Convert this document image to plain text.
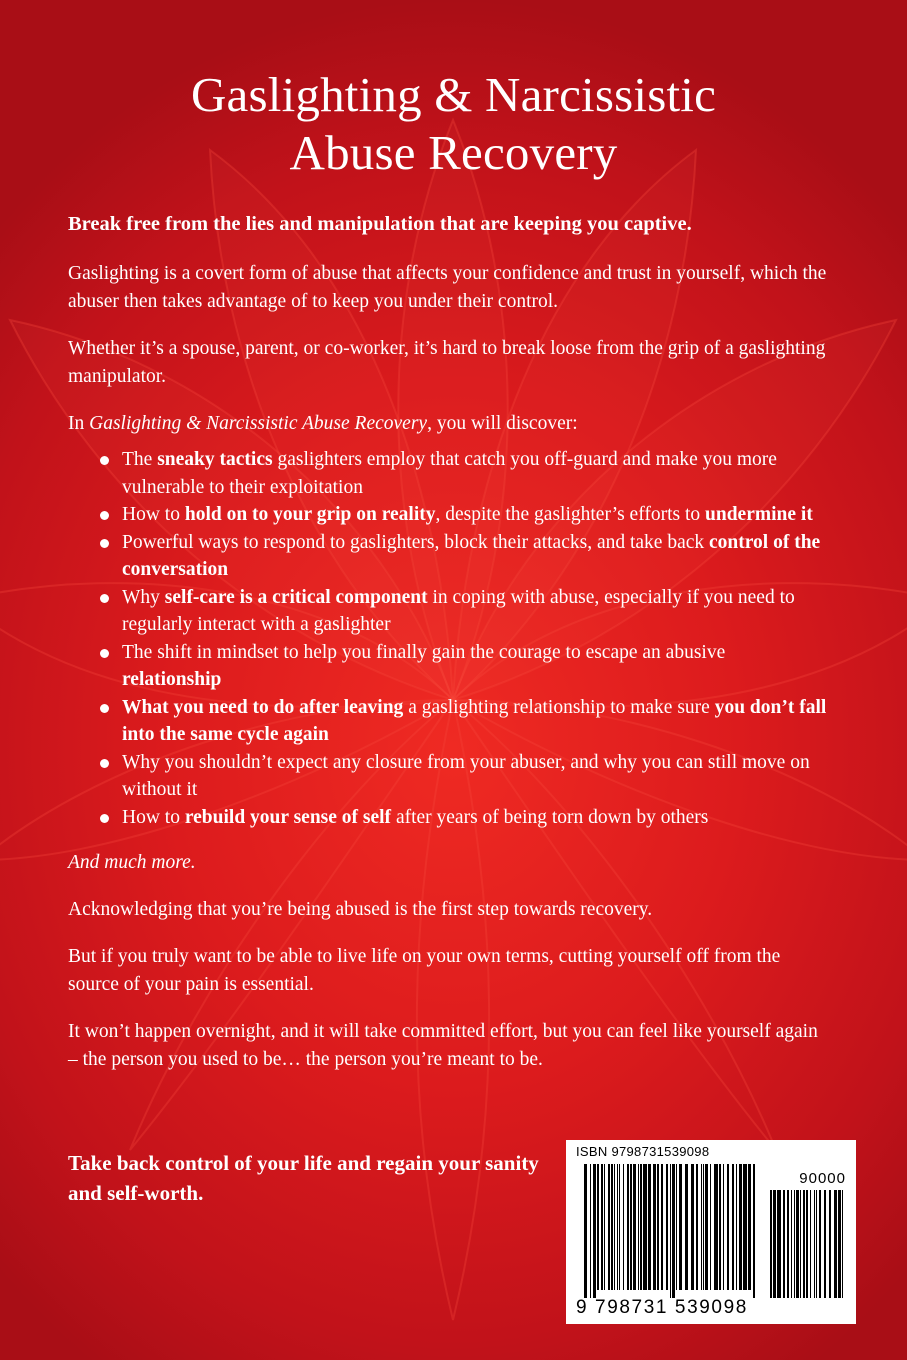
Gaslighting & Narcissistic
Abuse Recovery

Break free from the lies and manipulation that are keeping you captive.

Gaslighting is a covert form of abuse that affects your confidence and trust in yourself, which the abuser then takes advantage of to keep you under their control.

Whether it’s a spouse, parent, or co-worker, it’s hard to break loose from the grip of a gaslighting manipulator.

In Gaslighting & Narcissistic Abuse Recovery, you will discover:

The sneaky tactics gaslighters employ that catch you off-guard and make you more vulnerable to their exploitation
How to hold on to your grip on reality, despite the gaslighter’s efforts to undermine it
Powerful ways to respond to gaslighters, block their attacks, and take back control of the conversation
Why self-care is a critical component in coping with abuse, especially if you need to regularly interact with a gaslighter
The shift in mindset to help you finally gain the courage to escape an abusive relationship
What you need to do after leaving a gaslighting relationship to make sure you don’t fall into the same cycle again
Why you shouldn’t expect any closure from your abuser, and why you can still move on without it
How to rebuild your sense of self after years of being torn down by others

And much more.

Acknowledging that you’re being abused is the first step towards recovery.

But if you truly want to be able to live life on your own terms, cutting yourself off from the source of your pain is essential.

It won’t happen overnight, and it will take committed effort, but you can feel like yourself again – the person you used to be… the person you’re meant to be.

Take back control of your life and regain your sanity and self-worth.
ISBN 9798731539098
90000
9 798731 539098
